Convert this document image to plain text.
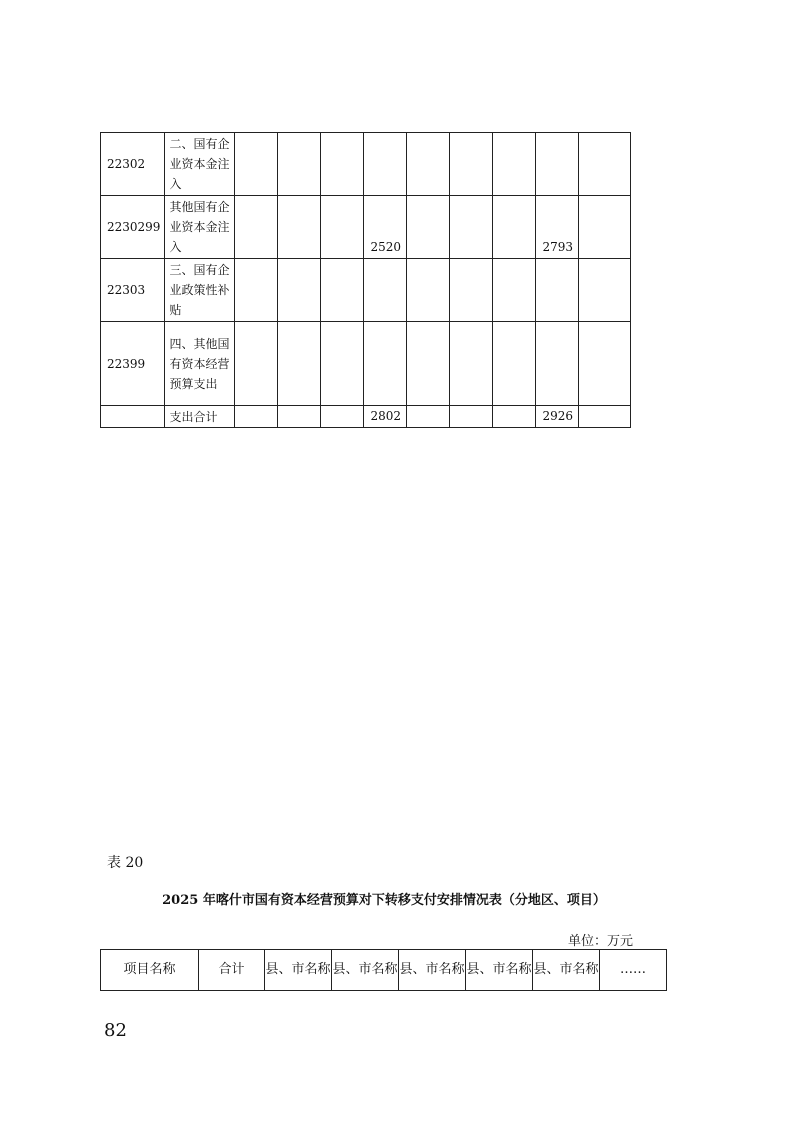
22302	二、国有企业资本金注入									
2230299	其他国有企业资本金注入				2520				2793	
22303	三、国有企业政策性补贴									
22399	四、其他国有资本经营预算支出									
	支出合计				2802				2926	
表 20
2025 年喀什市国有资本经营预算对下转移支付安排情况表（分地区、项目）
单位：万元
项目名称	合计	县、市名称	县、市名称	县、市名称	县、市名称	县、市名称	……
82
